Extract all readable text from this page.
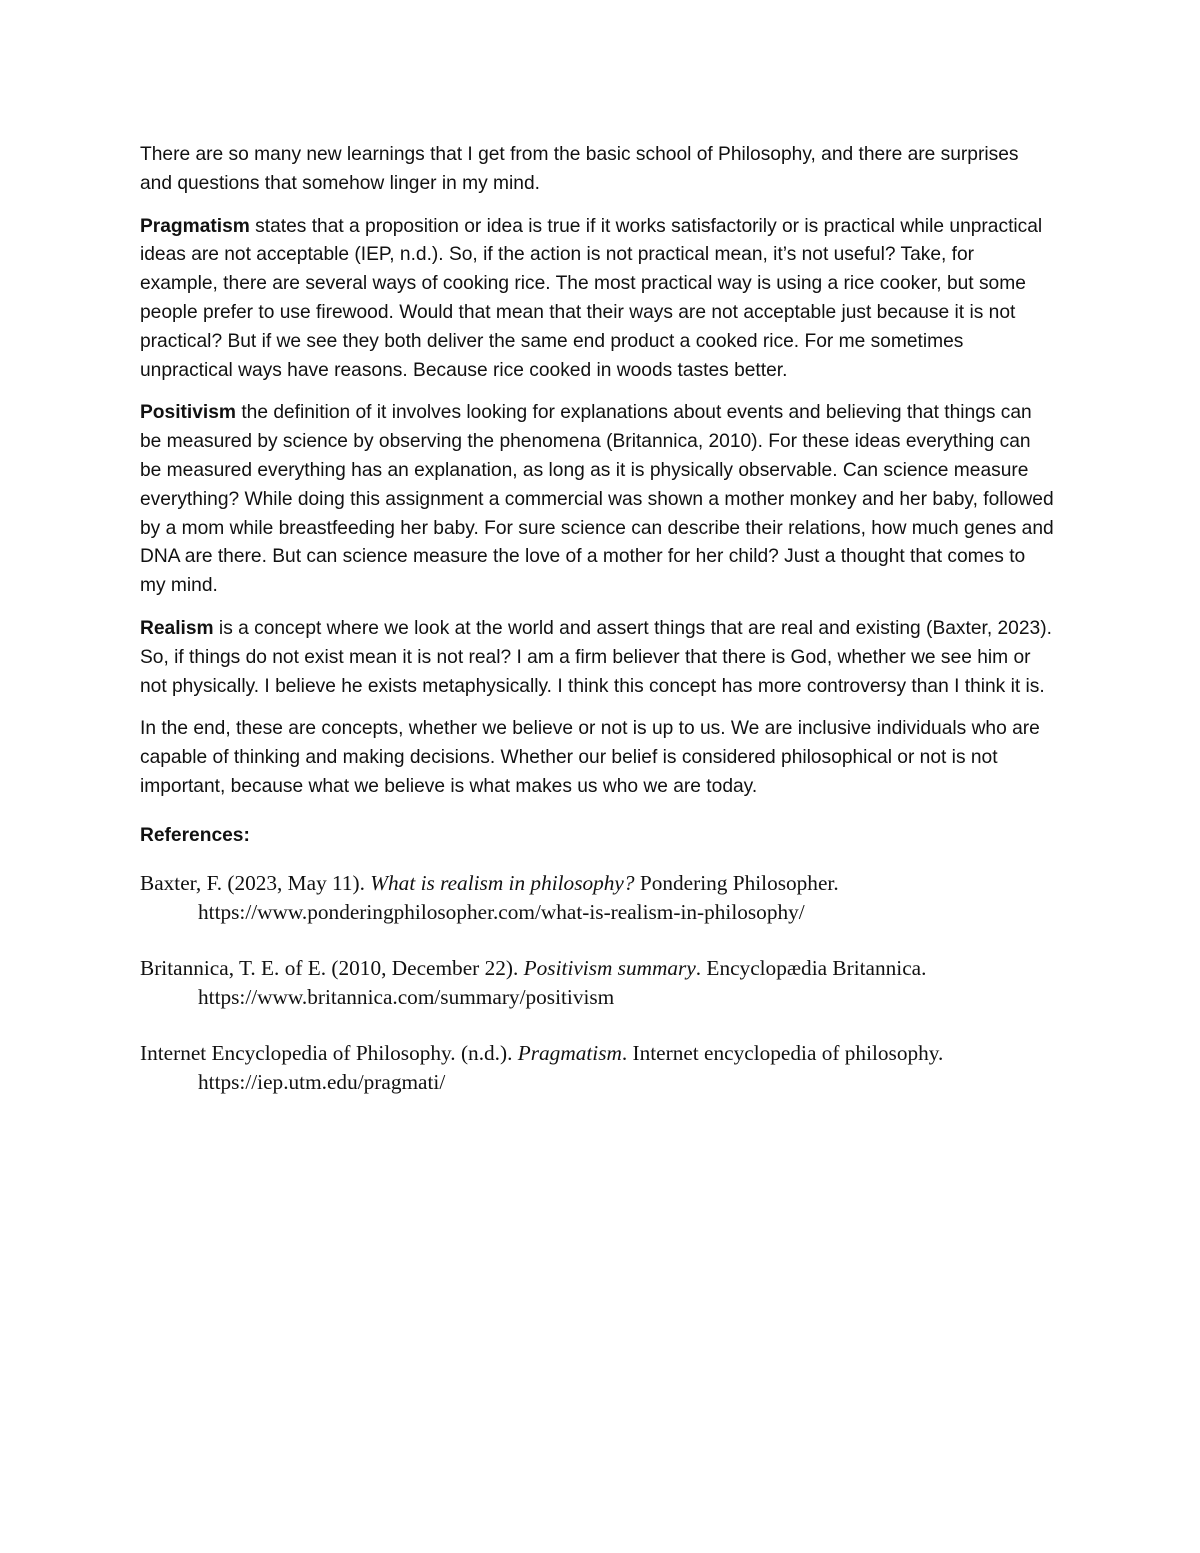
There are so many new learnings that I get from the basic school of Philosophy, and there are surprises and questions that somehow linger in my mind.

Pragmatism states that a proposition or idea is true if it works satisfactorily or is practical while unpractical ideas are not acceptable (IEP, n.d.). So, if the action is not practical mean, it’s not useful? Take, for example, there are several ways of cooking rice. The most practical way is using a rice cooker, but some people prefer to use firewood. Would that mean that their ways are not acceptable just because it is not practical? But if we see they both deliver the same end product a cooked rice. For me sometimes unpractical ways have reasons. Because rice cooked in woods tastes better.

Positivism the definition of it involves looking for explanations about events and believing that things can be measured by science by observing the phenomena (Britannica, 2010). For these ideas everything can be measured everything has an explanation, as long as it is physically observable. Can science measure everything? While doing this assignment a commercial was shown a mother monkey and her baby, followed by a mom while breastfeeding her baby. For sure science can describe their relations, how much genes and DNA are there. But can science measure the love of a mother for her child? Just a thought that comes to my mind.

Realism is a concept where we look at the world and assert things that are real and existing (Baxter, 2023). So, if things do not exist mean it is not real? I am a firm believer that there is God, whether we see him or not physically. I believe he exists metaphysically. I think this concept has more controversy than I think it is.

In the end, these are concepts, whether we believe or not is up to us. We are inclusive individuals who are capable of thinking and making decisions. Whether our belief is considered philosophical or not is not important, because what we believe is what makes us who we are today.

References:

Baxter, F. (2023, May 11). What is realism in philosophy? Pondering Philosopher. https://www.ponderingphilosopher.com/what-is-realism-in-philosophy/

Britannica, T. E. of E. (2010, December 22). Positivism summary. Encyclopædia Britannica. https://www.britannica.com/summary/positivism

Internet Encyclopedia of Philosophy. (n.d.). Pragmatism. Internet encyclopedia of philosophy. https://iep.utm.edu/pragmati/
